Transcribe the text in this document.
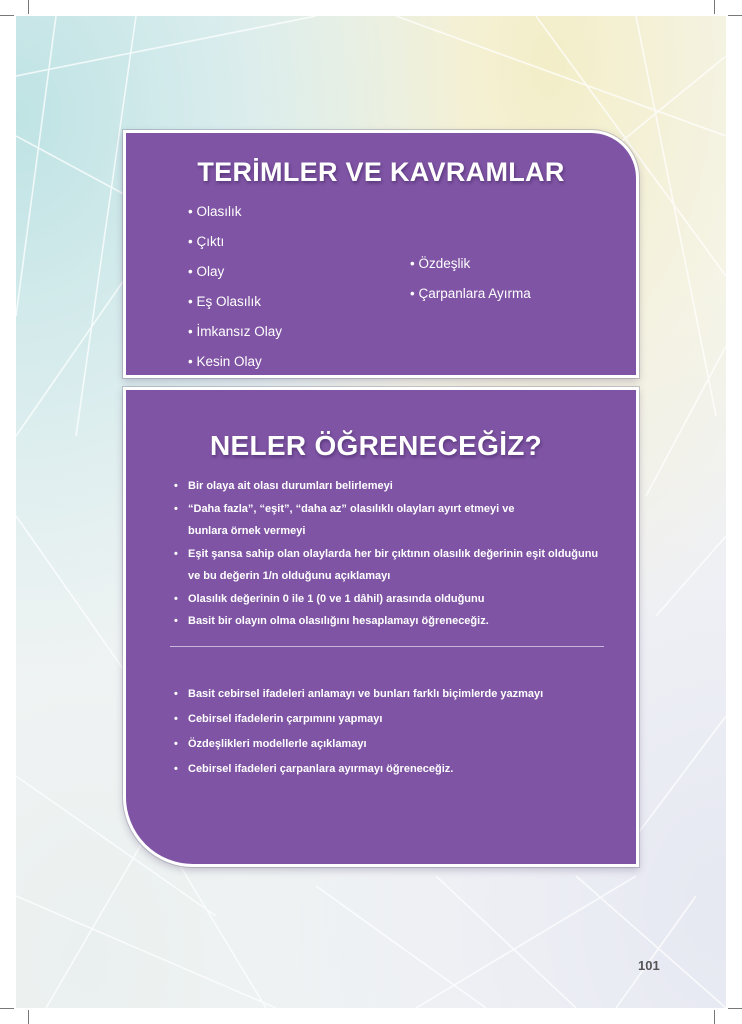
101
TERİMLER VE KAVRAMLAR
• Olasılık
• Çıktı
• Olay
• Eş Olasılık
• İmkansız Olay
• Kesin Olay
• Özdeşlik
• Çarpanlara Ayırma
NELER ÖĞRENECEĞİZ?
• Bir olaya ait olası durumları belirlemeyi
• “Daha fazla”, “eşit”, “daha az” olasılıklı olayları ayırt etmeyi ve bunlara örnek vermeyi
• Eşit şansa sahip olan olaylarda her bir çıktının olasılık değerinin eşit olduğunu ve bu değerin 1/n olduğunu açıklamayı
• Olasılık değerinin 0 ile 1 (0 ve 1 dâhil) arasında olduğunu
• Basit bir olayın olma olasılığını hesaplamayı öğreneceğiz.
• Basit cebirsel ifadeleri anlamayı ve bunları farklı biçimlerde yazmayı
• Cebirsel ifadelerin çarpımını yapmayı
• Özdeşlikleri modellerle açıklamayı
• Cebirsel ifadeleri çarpanlara ayırmayı öğreneceğiz.
